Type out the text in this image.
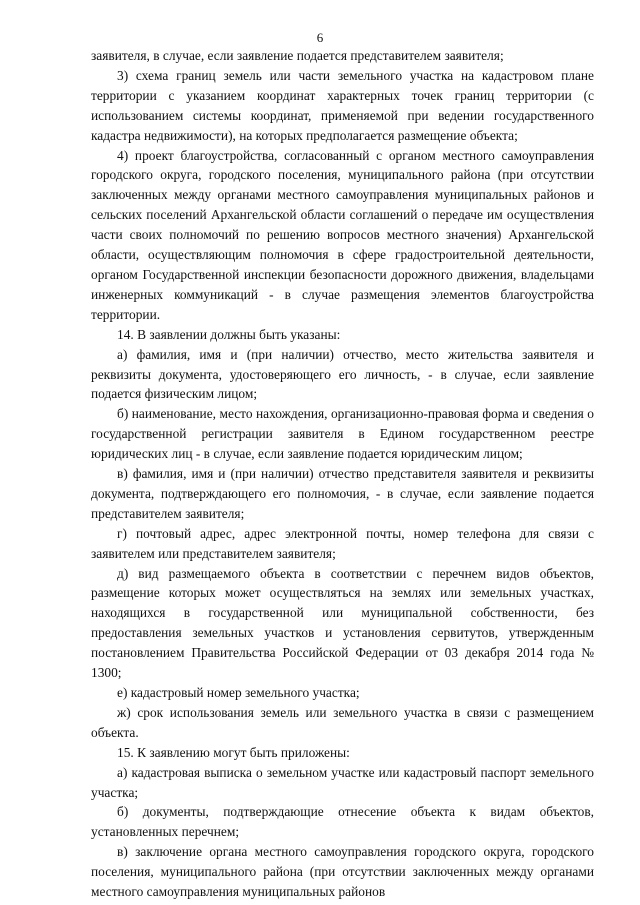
6

заявителя, в случае, если заявление подается представителем заявителя;

3) схема границ земель или части земельного участка на кадастровом плане территории с указанием координат характерных точек границ территории (с использованием системы координат, применяемой при ведении государственного кадастра недвижимости), на которых предполагается размещение объекта;

4) проект благоустройства, согласованный с органом местного самоуправления городского округа, городского поселения, муниципального района (при отсутствии заключенных между органами местного самоуправления муниципальных районов и сельских поселений Архангельской области соглашений о передаче им осуществления части своих полномочий по решению вопросов местного значения) Архангельской области, осуществляющим полномочия в сфере градостроительной деятельности, органом Государственной инспекции безопасности дорожного движения, владельцами инженерных коммуникаций - в случае размещения элементов благоустройства территории.

14. В заявлении должны быть указаны:

а) фамилия, имя и (при наличии) отчество, место жительства заявителя и реквизиты документа, удостоверяющего его личность, - в случае, если заявление подается физическим лицом;

б) наименование, место нахождения, организационно-правовая форма и сведения о государственной регистрации заявителя в Едином государственном реестре юридических лиц - в случае, если заявление подается юридическим лицом;

в) фамилия, имя и (при наличии) отчество представителя заявителя и реквизиты документа, подтверждающего его полномочия, - в случае, если заявление подается представителем заявителя;

г) почтовый адрес, адрес электронной почты, номер телефона для связи с заявителем или представителем заявителя;

д) вид размещаемого объекта в соответствии с перечнем видов объектов, размещение которых может осуществляться на землях или земельных участках, находящихся в государственной или муниципальной собственности, без предоставления земельных участков и установления сервитутов, утвержденным постановлением Правительства Российской Федерации от 03 декабря 2014 года № 1300;

е) кадастровый номер земельного участка;

ж) срок использования земель или земельного участка в связи с размещением объекта.

15. К заявлению могут быть приложены:

а) кадастровая выписка о земельном участке или кадастровый паспорт земельного участка;

б) документы, подтверждающие отнесение объекта к видам объектов, установленных перечнем;

в) заключение органа местного самоуправления городского округа, городского поселения, муниципального района (при отсутствии заключенных между органами местного самоуправления муниципальных районов
